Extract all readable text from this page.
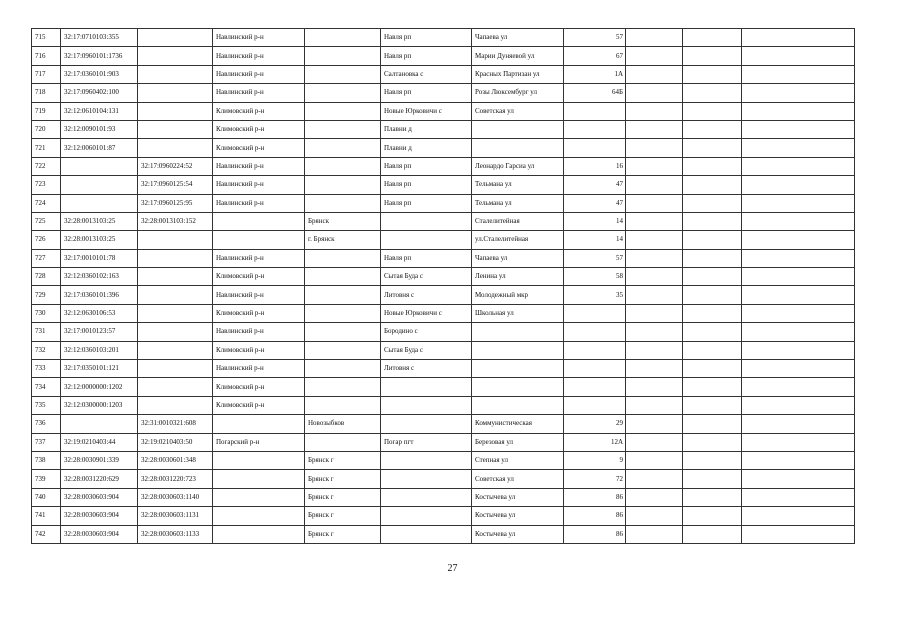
715	32:17:0710103:355		Навлинский р-н		Навля рп	Чапаева ул	57			
716	32:17:0960101:1736		Навлинский р-н		Навля рп	Марии Дуняевой ул	67			
717	32:17:0360101:903		Навлинский р-н		Салтановка с	Красных Партизан ул	1А			
718	32:17:0960402:100		Навлинский р-н		Навля рп	Розы Люксембург ул	64Б			
719	32:12:0610104:131		Климовский р-н		Новые Юрковичи с	Советская ул				
720	32:12:0090101:93		Климовский р-н		Плавни д					
721	32:12:0060101:87		Климовский р-н		Плавни д					
722		32:17:0960224:52	Навлинский р-н		Навля рп	Леонардо Гарсиа ул	16			
723		32:17:0960125:54	Навлинский р-н		Навля рп	Тельмана ул	47			
724		32:17:0960125:95	Навлинский р-н		Навля рп	Тельмана ул	47			
725	32:28:0013103:25	32:28:0013103:152		Брянск		Сталелитейная	14			
726	32:28:0013103:25			г. Брянск		ул.Сталелитейная	14			
727	32:17:0010101:78		Навлинский р-н		Навля рп	Чапаева ул	57			
728	32:12:0360102:163		Климовский р-н		Сытая Буда с	Ленина ул	58			
729	32:17:0360101:396		Навлинский р-н		Литовня с	Молодежный мкр	35			
730	32:12:0630106:53		Климовский р-н		Новые Юрковичи с	Школьная ул				
731	32:17:0010123:57		Навлинский р-н		Бородино с					
732	32:12:0360103:201		Климовский р-н		Сытая Буда с					
733	32:17:0350101:121		Навлинский р-н		Литовня с					
734	32:12:0000000:1202		Климовский р-н							
735	32:12:0300000:1203		Климовский р-н							
736		32:31:0010321:608		Новозыбков		Коммунистическая	29			
737	32:19:0210403:44	32:19:0210403:50	Погарский р-н		Погар пгт	Березовая ул	12А			
738	32:28:0030901:339	32:28:0030601:348		Брянск г		Степная ул	9			
739	32:28:0031220:629	32:28:0031220:723		Брянск г		Советская ул	72			
740	32:28:0030603:904	32:28:0030603:1140		Брянск г		Костычева ул	86			
741	32:28:0030603:904	32:28:0030603:1131		Брянск г		Костычева ул	86			
742	32:28:0030603:904	32:28:0030603:1133		Брянск г		Костычева ул	86			
27
